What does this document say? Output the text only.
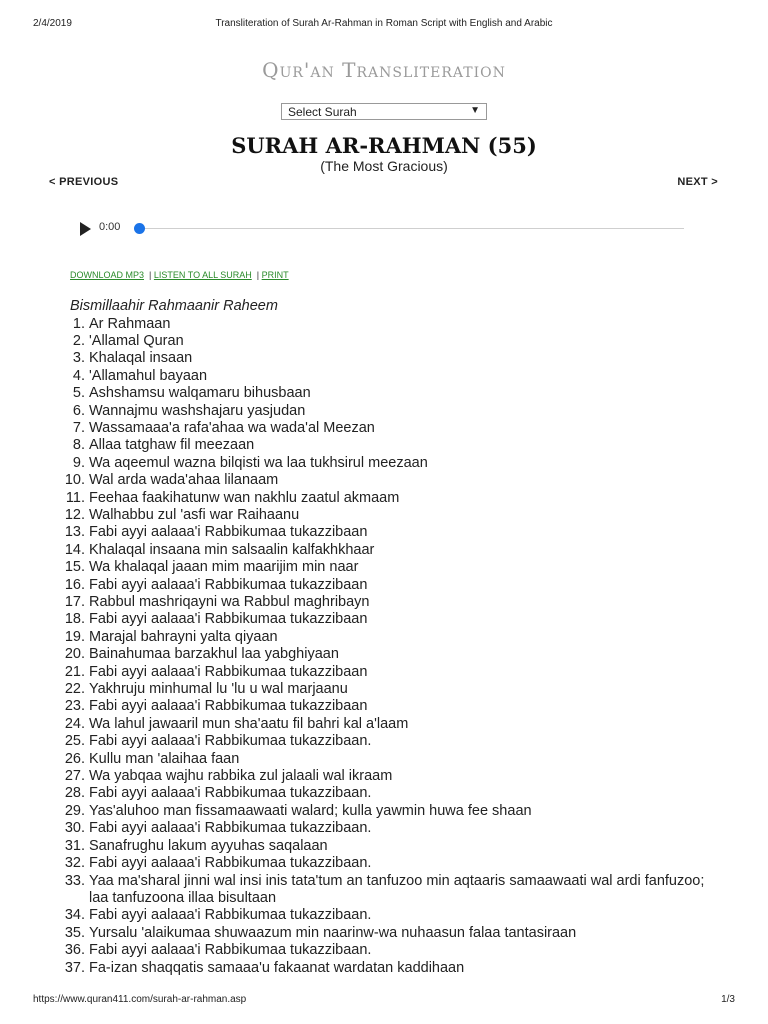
2/4/2019	Transliteration of Surah Ar-Rahman in Roman Script with English and Arabic
Qur'an Transliteration
Select Surah	▼
SURAH AR-RAHMAN (55)
(The Most Gracious)
< PREVIOUS	NEXT >
0:00
DOWNLOAD MP3 | LISTEN TO ALL SURAH | PRINT
Bismillaahir Rahmaanir Raheem
1. Ar Rahmaan
2. 'Allamal Quran
3. Khalaqal insaan
4. 'Allamahul bayaan
5. Ashshamsu walqamaru bihusbaan
6. Wannajmu washshajaru yasjudan
7. Wassamaaa'a rafa'ahaa wa wada'al Meezan
8. Allaa tatghaw fil meezaan
9. Wa aqeemul wazna bilqisti wa laa tukhsirul meezaan
10. Wal arda wada'ahaa lilanaam
11. Feehaa faakihatunw wan nakhlu zaatul akmaam
12. Walhabbu zul 'asfi war Raihaanu
13. Fabi ayyi aalaaa'i Rabbikumaa tukazzibaan
14. Khalaqal insaana min salsaalin kalfakhkhaar
15. Wa khalaqal jaaan mim maarijim min naar
16. Fabi ayyi aalaaa'i Rabbikumaa tukazzibaan
17. Rabbul mashriqayni wa Rabbul maghribayn
18. Fabi ayyi aalaaa'i Rabbikumaa tukazzibaan
19. Marajal bahrayni yalta qiyaan
20. Bainahumaa barzakhul laa yabghiyaan
21. Fabi ayyi aalaaa'i Rabbikumaa tukazzibaan
22. Yakhruju minhumal lu 'lu u wal marjaanu
23. Fabi ayyi aalaaa'i Rabbikumaa tukazzibaan
24. Wa lahul jawaaril mun sha'aatu fil bahri kal a'laam
25. Fabi ayyi aalaaa'i Rabbikumaa tukazzibaan.
26. Kullu man 'alaihaa faan
27. Wa yabqaa wajhu rabbika zul jalaali wal ikraam
28. Fabi ayyi aalaaa'i Rabbikumaa tukazzibaan.
29. Yas'aluhoo man fissamaawaati walard; kulla yawmin huwa fee shaan
30. Fabi ayyi aalaaa'i Rabbikumaa tukazzibaan.
31. Sanafrughu lakum ayyuhas saqalaan
32. Fabi ayyi aalaaa'i Rabbikumaa tukazzibaan.
33. Yaa ma'sharal jinni wal insi inis tata'tum an tanfuzoo min aqtaaris samaawaati wal ardi fanfuzoo; laa tanfuzoona illaa bisultaan
34. Fabi ayyi aalaaa'i Rabbikumaa tukazzibaan.
35. Yursalu 'alaikumaa shuwaazum min naarinw-wa nuhaasun falaa tantasiraan
36. Fabi ayyi aalaaa'i Rabbikumaa tukazzibaan.
37. Fa-izan shaqqatis samaaa'u fakaanat wardatan kaddihaan
https://www.quran411.com/surah-ar-rahman.asp	1/3
